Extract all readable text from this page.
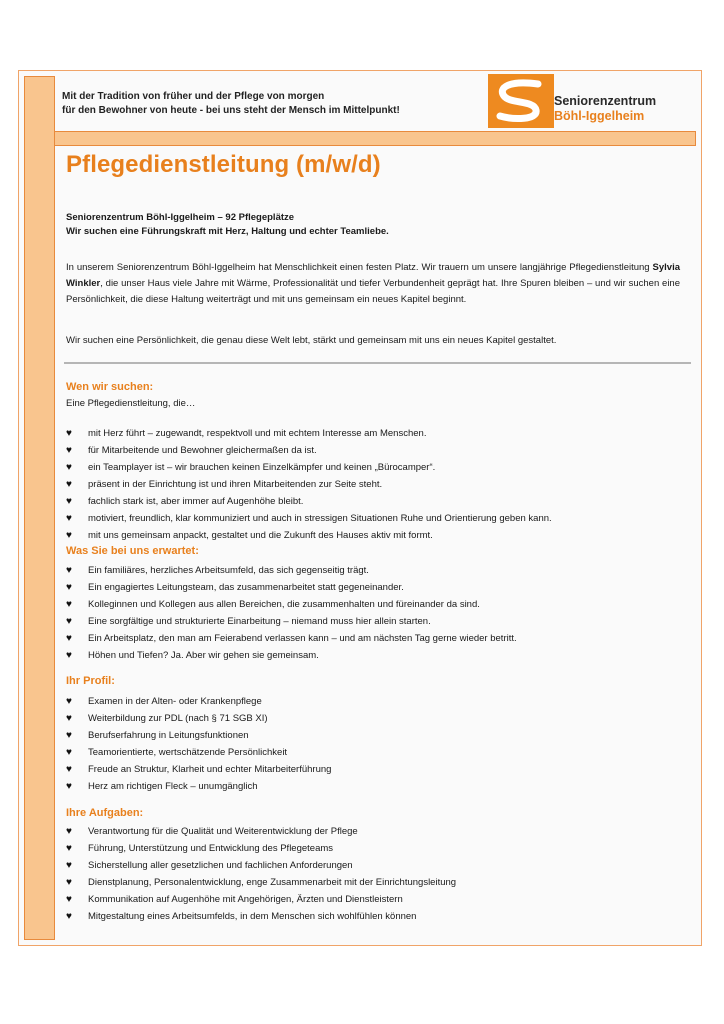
Mit der Tradition von früher und der Pflege von morgen
für den Bewohner von heute - bei uns steht der Mensch im Mittelpunkt!
Seniorenzentrum
Böhl-Iggelheim
Pflegedienstleitung (m/w/d)
Seniorenzentrum Böhl-Iggelheim – 92 Pflegeplätze
Wir suchen eine Führungskraft mit Herz, Haltung und echter Teamliebe.
In unserem Seniorenzentrum Böhl-Iggelheim hat Menschlichkeit einen festen Platz. Wir trauern um unsere langjährige Pflegedienstleitung Sylvia Winkler, die unser Haus viele Jahre mit Wärme, Professionalität und tiefer Verbundenheit geprägt hat. Ihre Spuren bleiben – und wir suchen eine Persönlichkeit, die diese Haltung weiterträgt und mit uns gemeinsam ein neues Kapitel beginnt.
Wir suchen eine Persönlichkeit, die genau diese Welt lebt, stärkt und gemeinsam mit uns ein neues Kapitel gestaltet.
Wen wir suchen:
Eine Pflegedienstleitung, die…
♥ mit Herz führt – zugewandt, respektvoll und mit echtem Interesse am Menschen.
♥ für Mitarbeitende und Bewohner gleichermaßen da ist.
♥ ein Teamplayer ist – wir brauchen keinen Einzelkämpfer und keinen „Bürocamper“.
♥ präsent in der Einrichtung ist und ihren Mitarbeitenden zur Seite steht.
♥ fachlich stark ist, aber immer auf Augenhöhe bleibt.
♥ motiviert, freundlich, klar kommuniziert und auch in stressigen Situationen Ruhe und Orientierung geben kann.
♥ mit uns gemeinsam anpackt, gestaltet und die Zukunft des Hauses aktiv mit formt.
Was Sie bei uns erwartet:
♥ Ein familiäres, herzliches Arbeitsumfeld, das sich gegenseitig trägt.
♥ Ein engagiertes Leitungsteam, das zusammenarbeitet statt gegeneinander.
♥ Kolleginnen und Kollegen aus allen Bereichen, die zusammenhalten und füreinander da sind.
♥ Eine sorgfältige und strukturierte Einarbeitung – niemand muss hier allein starten.
♥ Ein Arbeitsplatz, den man am Feierabend verlassen kann – und am nächsten Tag gerne wieder betritt.
♥ Höhen und Tiefen? Ja. Aber wir gehen sie gemeinsam.
Ihr Profil:
♥ Examen in der Alten- oder Krankenpflege
♥ Weiterbildung zur PDL (nach § 71 SGB XI)
♥ Berufserfahrung in Leitungsfunktionen
♥ Teamorientierte, wertschätzende Persönlichkeit
♥ Freude an Struktur, Klarheit und echter Mitarbeiterführung
♥ Herz am richtigen Fleck – unumgänglich
Ihre Aufgaben:
♥ Verantwortung für die Qualität und Weiterentwicklung der Pflege
♥ Führung, Unterstützung und Entwicklung des Pflegeteams
♥ Sicherstellung aller gesetzlichen und fachlichen Anforderungen
♥ Dienstplanung, Personalentwicklung, enge Zusammenarbeit mit der Einrichtungsleitung
♥ Kommunikation auf Augenhöhe mit Angehörigen, Ärzten und Dienstleistern
♥ Mitgestaltung eines Arbeitsumfelds, in dem Menschen sich wohlfühlen können
